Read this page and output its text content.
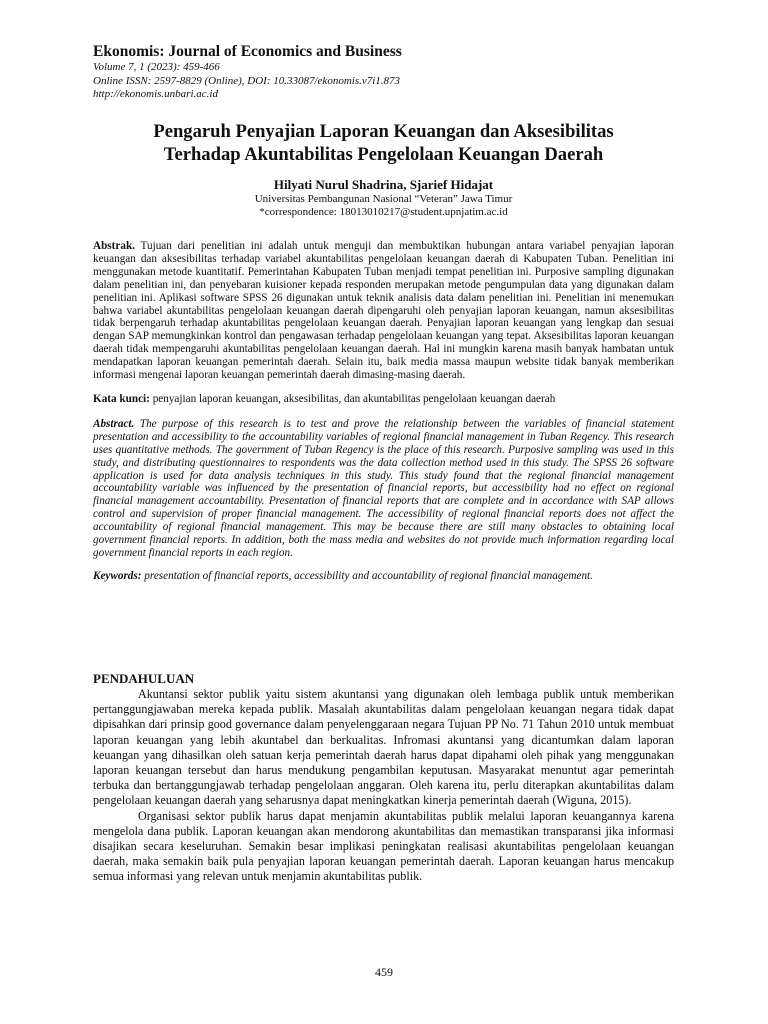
Ekonomis: Journal of Economics and Business
Volume 7, 1 (2023): 459-466
Online ISSN: 2597-8829 (Online), DOI: 10.33087/ekonomis.v7i1.873
http://ekonomis.unbari.ac.id
Pengaruh Penyajian Laporan Keuangan dan Aksesibilitas
Terhadap Akuntabilitas Pengelolaan Keuangan Daerah
Hilyati Nurul Shadrina, Sjarief Hidajat
Universitas Pembangunan Nasional “Veteran” Jawa Timur
*correspondence: 18013010217@student.upnjatim.ac.id

Abstrak. Tujuan dari penelitian ini adalah untuk menguji dan membuktikan hubungan antara variabel penyajian laporan keuangan dan aksesibilitas terhadap variabel akuntabilitas pengelolaan keuangan daerah di Kabupaten Tuban. Penelitian ini menggunakan metode kuantitatif. Pemerintahan Kabupaten Tuban menjadi tempat penelitian ini. Purposive sampling digunakan dalam penelitian ini, dan penyebaran kuisioner kepada responden merupakan metode pengumpulan data yang digunakan dalam penelitian ini. Aplikasi software SPSS 26 digunakan untuk teknik analisis data dalam penelitian ini. Penelitian ini menemukan bahwa variabel akuntabilitas pengelolaan keuangan daerah dipengaruhi oleh penyajian laporan keuangan, namun aksesibilitas tidak berpengaruh terhadap akuntabilitas pengelolaan keuangan daerah. Penyajian laporan keuangan yang lengkap dan sesuai dengan SAP memungkinkan kontrol dan pengawasan terhadap pengelolaan keuangan yang tepat. Aksesibilitas laporan keuangan daerah tidak mempengaruhi akuntabilitas pengelolaan keuangan daerah. Hal ini mungkin karena masih banyak hambatan untuk mendapatkan laporan keuangan pemerintah daerah. Selain itu, baik media massa maupun website tidak banyak memberikan informasi mengenai laporan keuangan pemerintah daerah dimasing-masing daerah.

Kata kunci: penyajian laporan keuangan, aksesibilitas, dan akuntabilitas pengelolaan keuangan daerah

Abstract. The purpose of this research is to test and prove the relationship between the variables of financial statement presentation and accessibility to the accountability variables of regional financial management in Tuban Regency. This research uses quantitative methods. The government of Tuban Regency is the place of this research. Purposive sampling was used in this study, and distributing questionnaires to respondents was the data collection method used in this study. The SPSS 26 software application is used for data analysis techniques in this study. This study found that the regional financial management accountability variable was influenced by the presentation of financial reports, but accessibility had no effect on regional financial management accountability. Presentation of financial reports that are complete and in accordance with SAP allows control and supervision of proper financial management. The accessibility of regional financial reports does not affect the accountability of regional financial management. This may be because there are still many obstacles to obtaining local government financial reports. In addition, both the mass media and websites do not provide much information regarding local government financial reports in each region.

Keywords: presentation of financial reports, accessibility and accountability of regional financial management.

PENDAHULUAN

Akuntansi sektor publik yaitu sistem akuntansi yang digunakan oleh lembaga publik untuk memberikan pertanggungjawaban mereka kepada publik. Masalah akuntabilitas dalam pengelolaan keuangan negara tidak dapat dipisahkan dari prinsip good governance dalam penyelenggaraan negara Tujuan PP No. 71 Tahun 2010 untuk membuat laporan keuangan yang lebih akuntabel dan berkualitas. Infromasi akuntansi yang dicantumkan dalam laporan keuangan yang dihasilkan oleh satuan kerja pemerintah daerah harus dapat dipahami oleh pihak yang menggunakan laporan keuangan tersebut dan harus mendukung pengambilan keputusan. Masyarakat menuntut agar pemerintah terbuka dan bertanggungjawab terhadap pengelolaan anggaran. Oleh karena itu, perlu diterapkan akuntabilitas dalam pengelolaan keuangan daerah yang seharusnya dapat meningkatkan kinerja pemerintah daerah (Wiguna, 2015).

Organisasi sektor publik harus dapat menjamin akuntabilitas publik melalui laporan keuangannya karena mengelola dana publik. Laporan keuangan akan mendorong akuntabilitas dan memastikan transparansi jika informasi disajikan secara keseluruhan. Semakin besar implikasi peningkatan realisasi akuntabilitas pengelolaan keuangan daerah, maka semakin baik pula penyajian laporan keuangan pemerintah daerah. Laporan keuangan harus mencakup semua informasi yang relevan untuk menjamin akuntabilitas publik.

459
